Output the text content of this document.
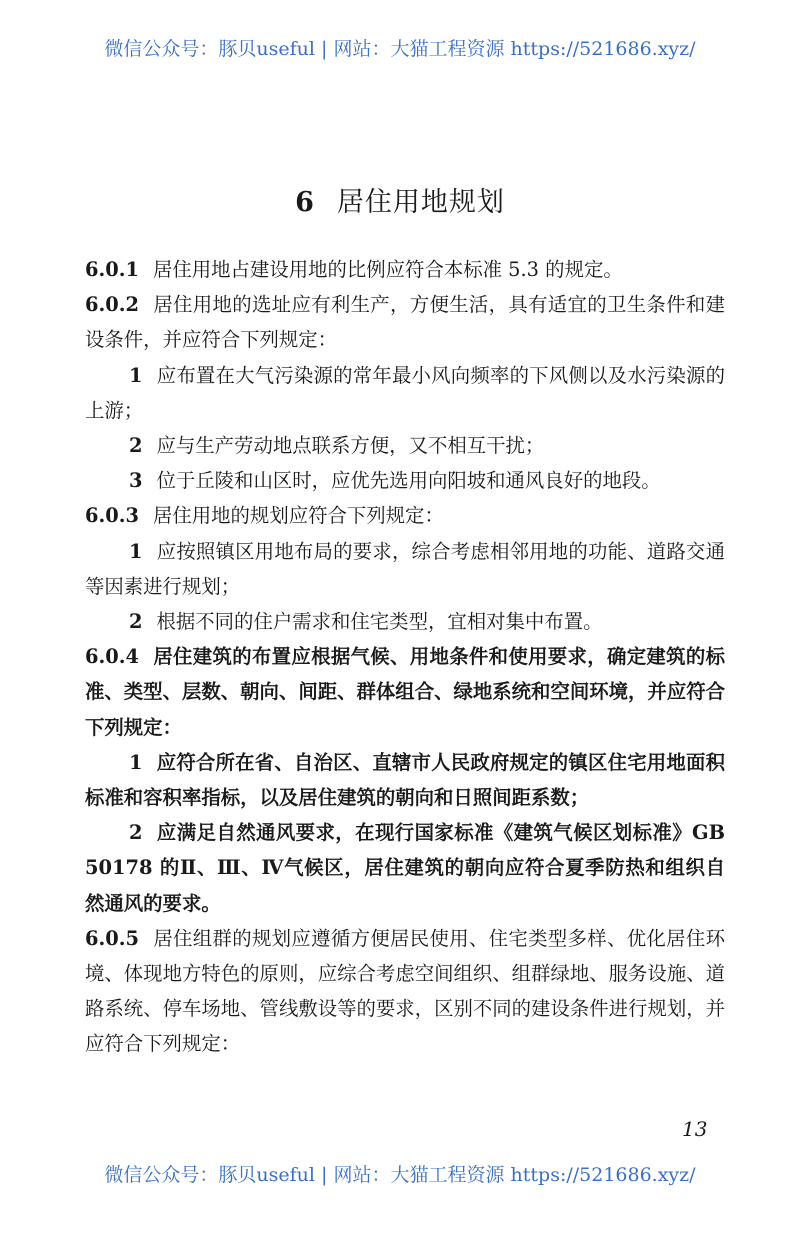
微信公众号：豚贝useful | 网站：大猫工程资源 https://521686.xyz/
6 居住用地规划

6.0.1 居住用地占建设用地的比例应符合本标准 5.3 的规定。

6.0.2 居住用地的选址应有利生产，方便生活，具有适宜的卫生条件和建设条件，并应符合下列规定：

1 应布置在大气污染源的常年最小风向频率的下风侧以及水污染源的上游；

2 应与生产劳动地点联系方便，又不相互干扰；

3 位于丘陵和山区时，应优先选用向阳坡和通风良好的地段。

6.0.3 居住用地的规划应符合下列规定：

1 应按照镇区用地布局的要求，综合考虑相邻用地的功能、道路交通等因素进行规划；

2 根据不同的住户需求和住宅类型，宜相对集中布置。

6.0.4 居住建筑的布置应根据气候、用地条件和使用要求，确定建筑的标准、类型、层数、朝向、间距、群体组合、绿地系统和空间环境，并应符合下列规定：

1 应符合所在省、自治区、直辖市人民政府规定的镇区住宅用地面积标准和容积率指标，以及居住建筑的朝向和日照间距系数；

2 应满足自然通风要求，在现行国家标准《建筑气候区划标准》GB 50178 的Ⅱ、Ⅲ、Ⅳ气候区，居住建筑的朝向应符合夏季防热和组织自然通风的要求。

6.0.5 居住组群的规划应遵循方便居民使用、住宅类型多样、优化居住环境、体现地方特色的原则，应综合考虑空间组织、组群绿地、服务设施、道路系统、停车场地、管线敷设等的要求，区别不同的建设条件进行规划，并应符合下列规定：

13
微信公众号：豚贝useful | 网站：大猫工程资源 https://521686.xyz/
